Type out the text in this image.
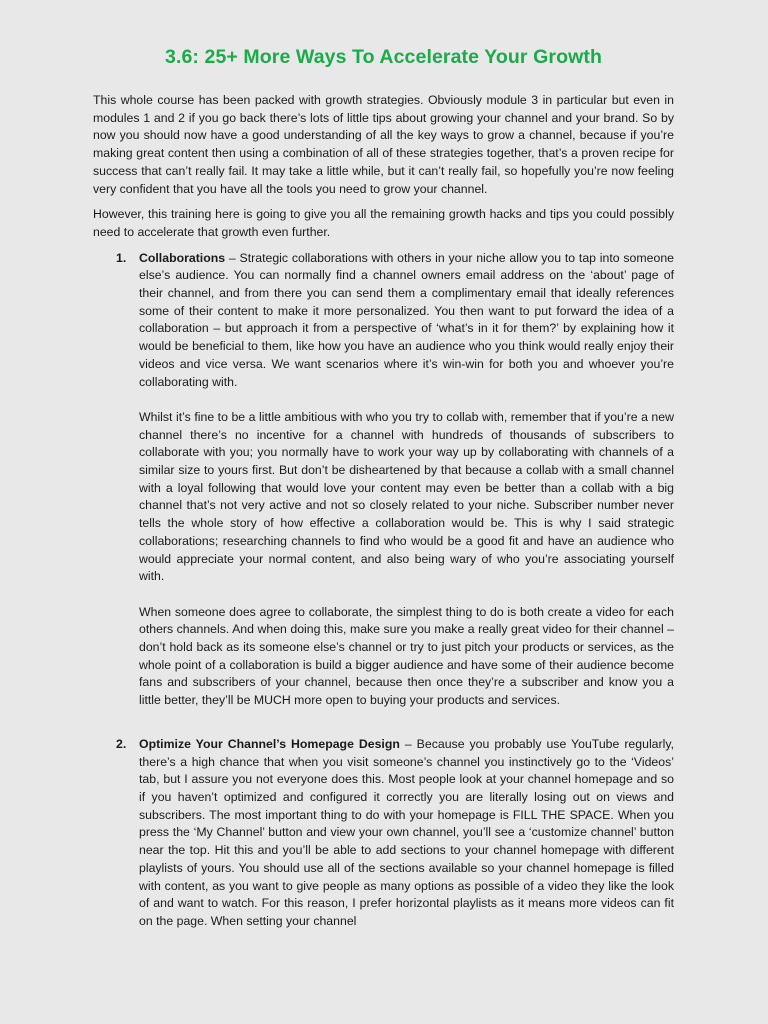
3.6: 25+ More Ways To Accelerate Your Growth

This whole course has been packed with growth strategies. Obviously module 3 in particular but even in modules 1 and 2 if you go back there’s lots of little tips about growing your channel and your brand. So by now you should now have a good understanding of all the key ways to grow a channel, because if you’re making great content then using a combination of all of these strategies together, that’s a proven recipe for success that can’t really fail. It may take a little while, but it can’t really fail, so hopefully you’re now feeling very confident that you have all the tools you need to grow your channel.

However, this training here is going to give you all the remaining growth hacks and tips you could possibly need to accelerate that growth even further.

1. Collaborations – Strategic collaborations with others in your niche allow you to tap into someone else’s audience. You can normally find a channel owners email address on the ‘about’ page of their channel, and from there you can send them a complimentary email that ideally references some of their content to make it more personalized. You then want to put forward the idea of a collaboration – but approach it from a perspective of ‘what’s in it for them?’ by explaining how it would be beneficial to them, like how you have an audience who you think would really enjoy their videos and vice versa. We want scenarios where it’s win-win for both you and whoever you’re collaborating with.

Whilst it’s fine to be a little ambitious with who you try to collab with, remember that if you’re a new channel there’s no incentive for a channel with hundreds of thousands of subscribers to collaborate with you; you normally have to work your way up by collaborating with channels of a similar size to yours first. But don’t be disheartened by that because a collab with a small channel with a loyal following that would love your content may even be better than a collab with a big channel that’s not very active and not so closely related to your niche. Subscriber number never tells the whole story of how effective a collaboration would be. This is why I said strategic collaborations; researching channels to find who would be a good fit and have an audience who would appreciate your normal content, and also being wary of who you’re associating yourself with.

When someone does agree to collaborate, the simplest thing to do is both create a video for each others channels. And when doing this, make sure you make a really great video for their channel – don’t hold back as its someone else’s channel or try to just pitch your products or services, as the whole point of a collaboration is build a bigger audience and have some of their audience become fans and subscribers of your channel, because then once they’re a subscriber and know you a little better, they’ll be MUCH more open to buying your products and services.

2. Optimize Your Channel’s Homepage Design – Because you probably use YouTube regularly, there’s a high chance that when you visit someone’s channel you instinctively go to the ‘Videos’ tab, but I assure you not everyone does this. Most people look at your channel homepage and so if you haven’t optimized and configured it correctly you are literally losing out on views and subscribers. The most important thing to do with your homepage is FILL THE SPACE. When you press the ‘My Channel’ button and view your own channel, you’ll see a ‘customize channel’ button near the top. Hit this and you’ll be able to add sections to your channel homepage with different playlists of yours. You should use all of the sections available so your channel homepage is filled with content, as you want to give people as many options as possible of a video they like the look of and want to watch. For this reason, I prefer horizontal playlists as it means more videos can fit on the page. When setting your channel
